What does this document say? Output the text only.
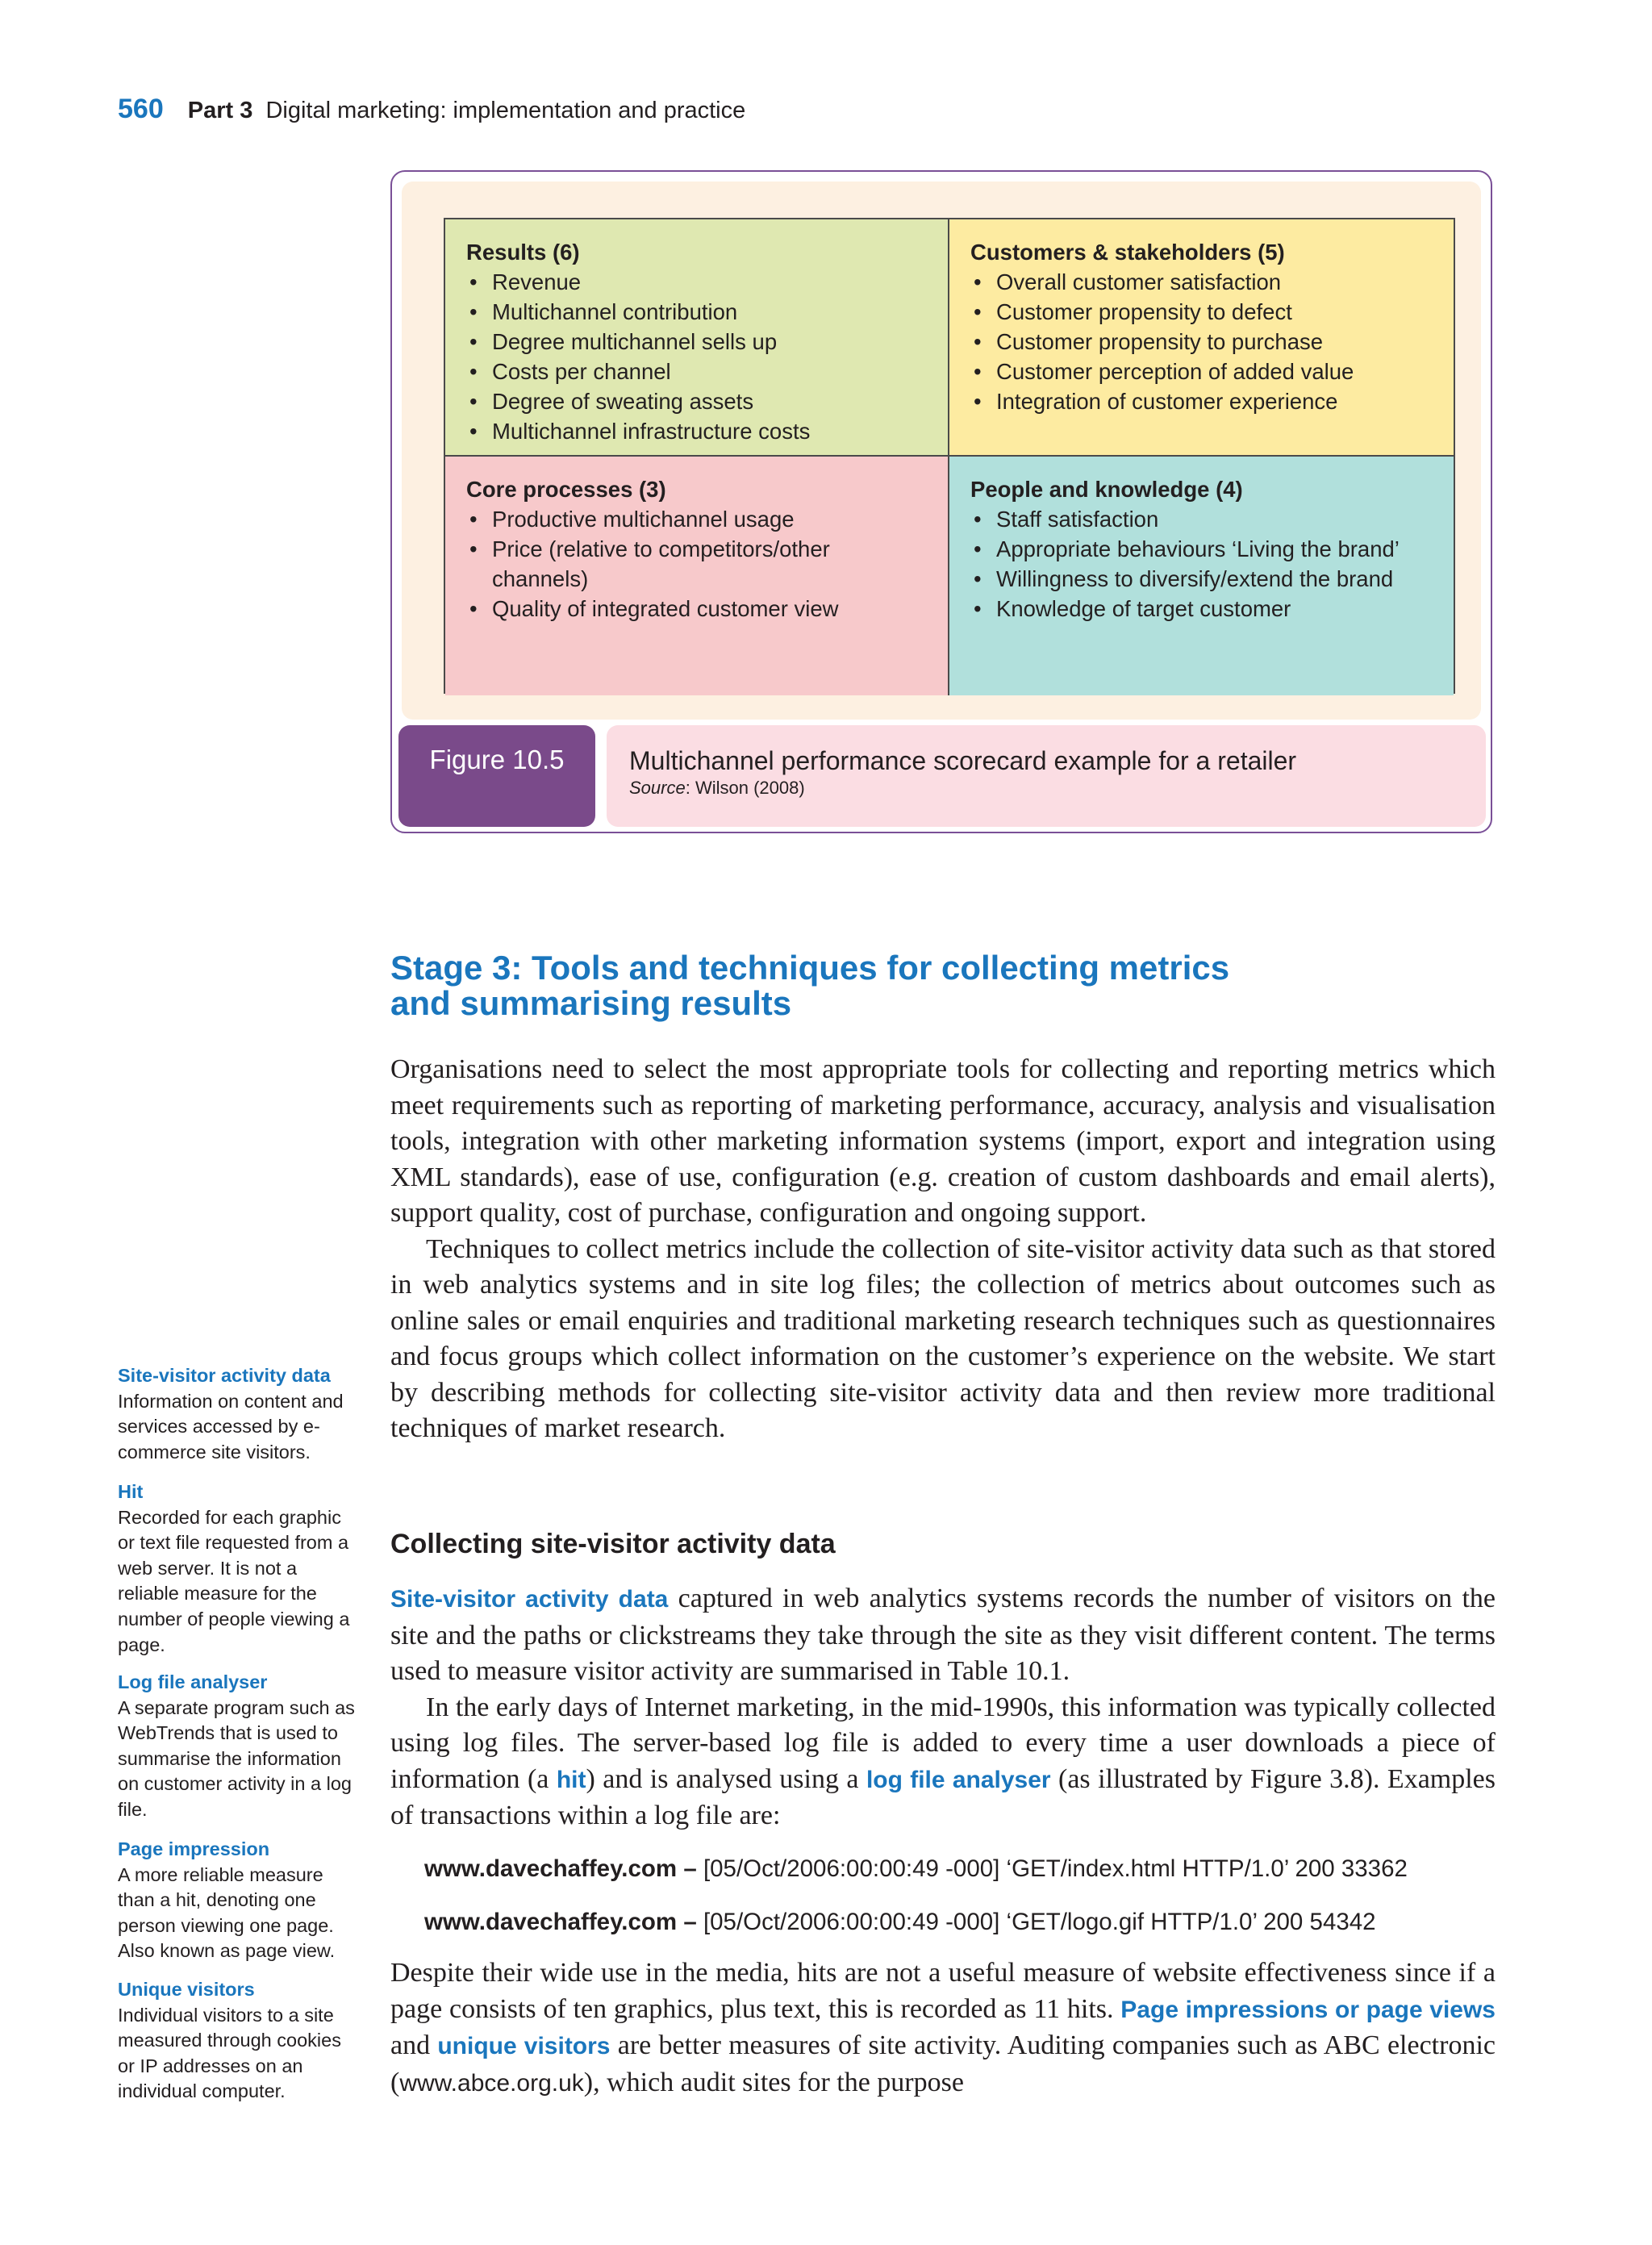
560 Part 3 Digital marketing: implementation and practice
Results (6)
• Revenue
• Multichannel contribution
• Degree multichannel sells up
• Costs per channel
• Degree of sweating assets
• Multichannel infrastructure costs
Customers & stakeholders (5)
• Overall customer satisfaction
• Customer propensity to defect
• Customer propensity to purchase
• Customer perception of added value
• Integration of customer experience
Core processes (3)
• Productive multichannel usage
• Price (relative to competitors/other channels)
• Quality of integrated customer view
People and knowledge (4)
• Staff satisfaction
• Appropriate behaviours ‘Living the brand’
• Willingness to diversify/extend the brand
• Knowledge of target customer
Figure 10.5	Multichannel performance scorecard example for a retailer
Source: Wilson (2008)
Stage 3: Tools and techniques for collecting metrics
and summarising results

Organisations need to select the most appropriate tools for collecting and reporting metrics which meet requirements such as reporting of marketing performance, accuracy, analysis and visualisation tools, integration with other marketing information systems (import, export and integration using XML standards), ease of use, configuration (e.g. creation of custom dashboards and email alerts), support quality, cost of purchase, configuration and ongoing support.

Techniques to collect metrics include the collection of site-visitor activity data such as that stored in web analytics systems and in site log files; the collection of metrics about outcomes such as online sales or email enquiries and traditional marketing research techniques such as questionnaires and focus groups which collect information on the customer’s experience on the website. We start by describing methods for collecting site-visitor activity data and then review more traditional techniques of market research.

Collecting site-visitor activity data

Site-visitor activity data captured in web analytics systems records the number of visitors on the site and the paths or clickstreams they take through the site as they visit different content. The terms used to measure visitor activity are summarised in Table 10.1.

In the early days of Internet marketing, in the mid-1990s, this information was typically collected using log files. The server-based log file is added to every time a user downloads a piece of information (a hit) and is analysed using a log file analyser (as illustrated by Figure 3.8). Examples of transactions within a log file are:

www.davechaffey.com – [05/Oct/2006:00:00:49 -000] ‘GET/index.html HTTP/1.0’ 200 33362
www.davechaffey.com – [05/Oct/2006:00:00:49 -000] ‘GET/logo.gif HTTP/1.0’ 200 54342

Despite their wide use in the media, hits are not a useful measure of website effectiveness since if a page consists of ten graphics, plus text, this is recorded as 11 hits. Page impressions or page views and unique visitors are better measures of site activity. Auditing companies such as ABC electronic (www.abce.org.uk), which audit sites for the purpose

Site-visitor activity data
Information on content and services accessed by e-commerce site visitors.
Hit
Recorded for each graphic or text file requested from a web server. It is not a reliable measure for the number of people viewing a page.
Log file analyser
A separate program such as WebTrends that is used to summarise the information on customer activity in a log file.
Page impression
A more reliable measure than a hit, denoting one person viewing one page. Also known as page view.
Unique visitors
Individual visitors to a site measured through cookies or IP addresses on an individual computer.
